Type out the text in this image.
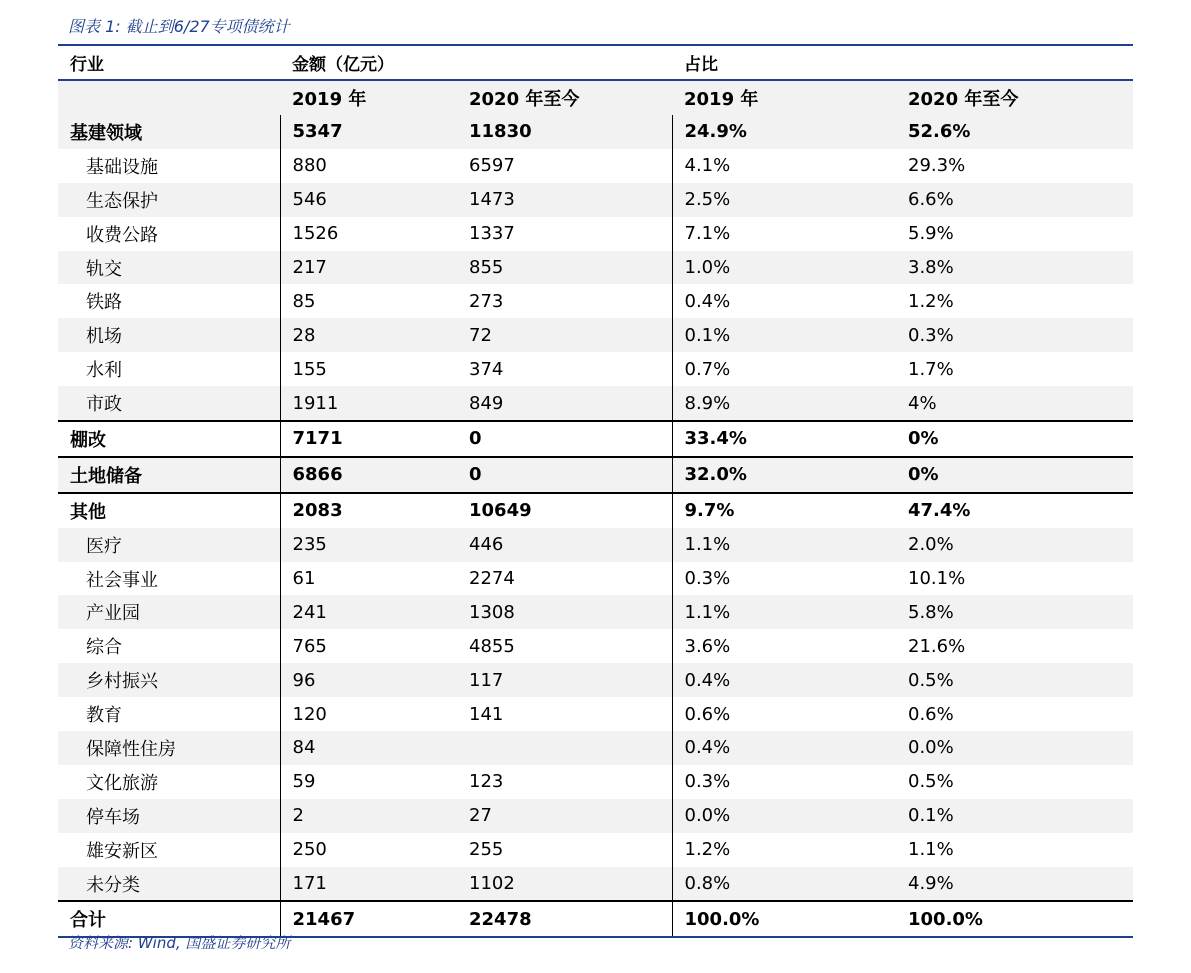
图表 1: 截止到6/27专项债统计
行业	金额（亿元）		占比	
	2019 年	2020 年至今	2019 年	2020 年至今
基建领域	5347	11830	24.9%	52.6%
基础设施	880	6597	4.1%	29.3%
生态保护	546	1473	2.5%	6.6%
收费公路	1526	1337	7.1%	5.9%
轨交	217	855	1.0%	3.8%
铁路	85	273	0.4%	1.2%
机场	28	72	0.1%	0.3%
水利	155	374	0.7%	1.7%
市政	1911	849	8.9%	4%
棚改	7171	0	33.4%	0%
土地储备	6866	0	32.0%	0%
其他	2083	10649	9.7%	47.4%
医疗	235	446	1.1%	2.0%
社会事业	61	2274	0.3%	10.1%
产业园	241	1308	1.1%	5.8%
综合	765	4855	3.6%	21.6%
乡村振兴	96	117	0.4%	0.5%
教育	120	141	0.6%	0.6%
保障性住房	84		0.4%	0.0%
文化旅游	59	123	0.3%	0.5%
停车场	2	27	0.0%	0.1%
雄安新区	250	255	1.2%	1.1%
未分类	171	1102	0.8%	4.9%
合计	21467	22478	100.0%	100.0%
资料来源: Wind, 国盛证券研究所
